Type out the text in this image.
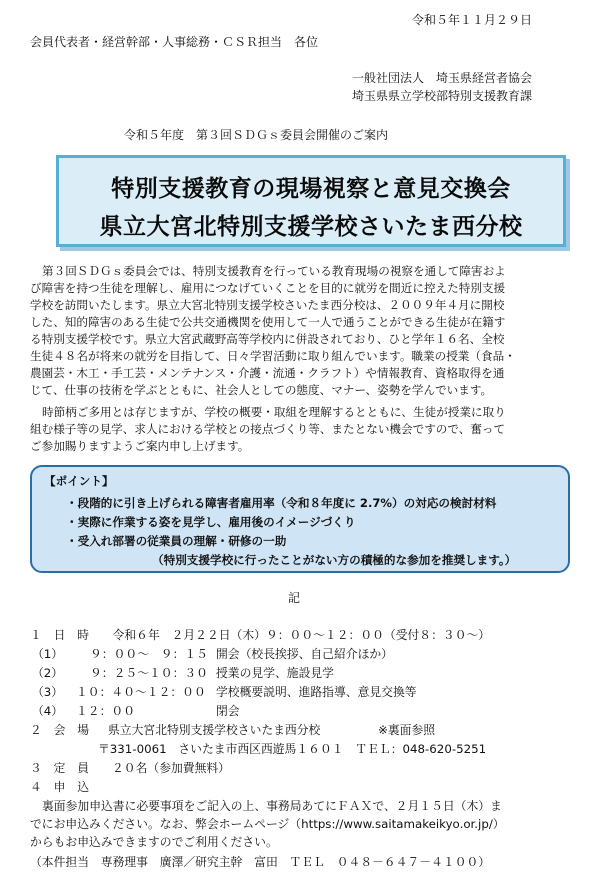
令和５年１１月２９日
会員代表者・経営幹部・人事総務・ＣＳＲ担当　各位
一般社団法人　埼玉県経営者協会
埼玉県県立学校部特別支援教育課
令和５年度　第３回ＳＤＧｓ委員会開催のご案内
特別支援教育の現場視察と意見交換会
県立大宮北特別支援学校さいたま西分校
第３回ＳＤＧｓ委員会では、特別支援教育を行っている教育現場の視察を通して障害およ
び障害を持つ生徒を理解し、雇用につなげていくことを目的に就労を間近に控えた特別支援
学校を訪問いたします。県立大宮北特別支援学校さいたま西分校は、２００９年４月に開校
した、知的障害のある生徒で公共交通機関を使用して一人で通うことができる生徒が在籍す
る特別支援学校です。県立大宮武蔵野高等学校内に併設されており、ひと学年１６名、全校
生徒４８名が将来の就労を目指して、日々学習活動に取り組んでいます。職業の授業（食品・
農園芸・木工・手工芸・メンテナンス・介護・流通・クラフト）や情報教育、資格取得を通
じて、仕事の技術を学ぶとともに、社会人としての態度、マナー、姿勢を学んでいます。
時節柄ご多用とは存じますが、学校の概要・取組を理解するとともに、生徒が授業に取り
組む様子等の見学、求人における学校との接点づくり等、またとない機会ですので、奮って
ご参加賜りますようご案内申し上げます。
【ポイント】
・段階的に引き上げられる障害者雇用率（令和８年度に 2.7%）の対応の検討材料
・実際に作業する姿を見学し、雇用後のイメージづくり
・受入れ部署の従業員の理解・研修の一助
（特別支援学校に行ったことがない方の積極的な参加を推奨します。）
記
１　日　時　　令和６年　２月２２日（木）９：００～１２：００（受付８：３０～）
（1） ９：００～　９：１５ 開会（校長挨拶、自己紹介ほか）
（2） ９：２５～１０：３０ 授業の見学、施設見学
（3） １０：４０～１２：００ 学校概要説明、進路指導、意見交換等
（4） １２：００	閉会
２　会　場 県立大宮北特別支援学校さいたま西分校	※裏面参照
〒331-0061　さいたま市西区西遊馬１６０１　ＴＥＬ：048-620-5251
３　定　員 ２０名（参加費無料）
４　申　込
裏面参加申込書に必要事項をご記入の上、事務局あてにＦＡＸで、２月１５日（木）ま
でにお申込みください。なお、弊会ホームページ（https://www.saitamakeikyo.or.jp/）
からもお申込みできますのでご利用ください。
（本件担当　専務理事　廣澤／研究主幹　富田　ＴＥＬ　０４８－６４７－４１００）
